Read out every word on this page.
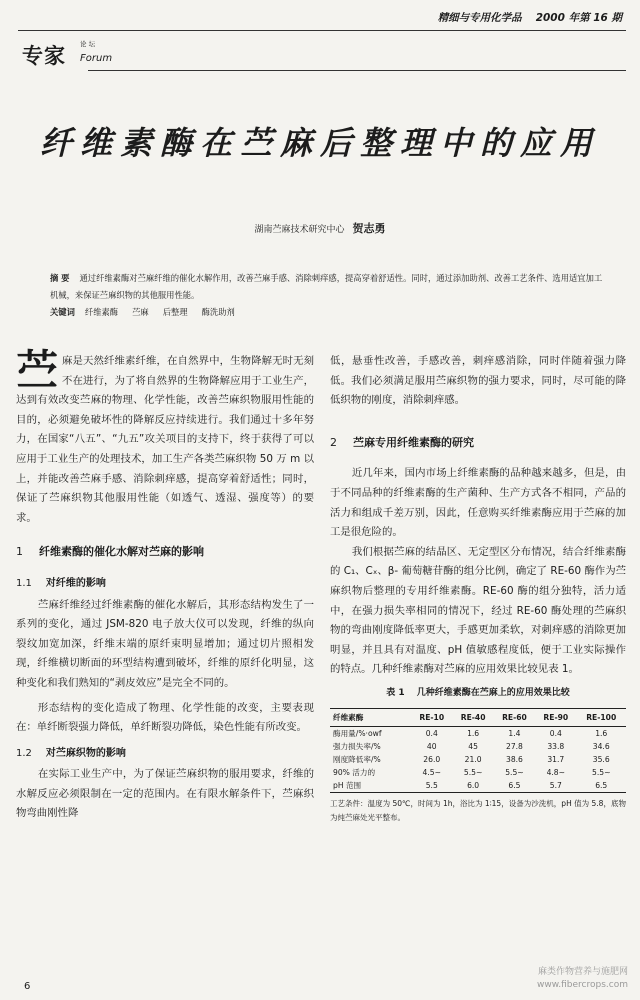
精细与专用化学品 2000 年第 16 期
专家 论 坛
Forum
纤维素酶在苎麻后整理中的应用
湖南苎麻技术研究中心 贺志勇

摘 要 通过纤维素酶对苎麻纤维的催化水解作用，改善苎麻手感、消除刺痒感，提高穿着舒适性。同时，通过添加助剂、改善工艺条件、选用适宜加工机械，来保证苎麻织物的其他服用性能。

关键词 纤维素酶 苎麻 后整理 酶洗助剂

苎麻是天然纤维素纤维，在自然界中，生物降解无时无刻不在进行，为了将自然界的生物降解应用于工业生产，达到有效改变苎麻的物理、化学性能，改善苎麻织物服用性能的目的，必须避免破坏性的降解反应持续进行。我们通过十多年努力，在国家“八五”、“九五”攻关项目的支持下，终于获得了可以应用于工业生产的处理技术，加工生产各类苎麻织物 50 万 m 以上，并能改善苎麻手感、消除刺痒感，提高穿着舒适性；同时，保证了苎麻织物其他服用性能（如透气、透湿、强度等）的要求。

1 纤维素酶的催化水解对苎麻的影响

1.1 对纤维的影响

苎麻纤维经过纤维素酶的催化水解后，其形态结构发生了一系列的变化，通过 JSM-820 电子放大仪可以发现，纤维的纵向裂纹加宽加深，纤维末端的原纤束明显增加；通过切片照相发现，纤维横切断面的环型结构遭到破坏，纤维的原纤化明显，这种变化和我们熟知的“剥皮效应”是完全不同的。

形态结构的变化造成了物理、化学性能的改变，主要表现在：单纤断裂强力降低，单纤断裂功降低，染色性能有所改变。

1.2 对苎麻织物的影响

在实际工业生产中，为了保证苎麻织物的服用要求，纤维的水解反应必须限制在一定的范围内。在有限水解条件下，苎麻织物弯曲刚性降

低，悬垂性改善，手感改善，刺痒感消除，同时伴随着强力降低。我们必须满足服用苎麻织物的强力要求，同时，尽可能的降低织物的刚度，消除刺痒感。

2 苎麻专用纤维素酶的研究

近几年来，国内市场上纤维素酶的品种越来越多，但是，由于不同品种的纤维素酶的生产菌种、生产方式各不相同，产品的活力和组成千差万别，因此，任意购买纤维素酶应用于苎麻的加工是很危险的。

我们根据苎麻的结晶区、无定型区分布情况，结合纤维素酶的 C₁、Cₓ、β- 葡萄糖苷酶的组分比例，确定了 RE-60 酶作为苎麻织物后整理的专用纤维素酶。RE-60 酶的组分独特，活力适中，在强力损失率相同的情况下，经过 RE-60 酶处理的苎麻织物的弯曲刚度降低率更大，手感更加柔软，对刺痒感的消除更加明显，并且具有对温度、pH 值敏感程度低，便于工业实际操作的特点。几种纤维素酶对苎麻的应用效果比较见表 1。

表 1 几种纤维素酶在苎麻上的应用效果比较

纤维素酶	RE-10	RE-40	RE-60	RE-90	RE-100
酶用量/%·owf	0.4	1.6	1.4	0.4	1.6
强力损失率/%	40	45	27.8	33.8	34.6
刚度降低率/%	26.0	21.0	38.6	31.7	35.6
90% 活力的	4.5~	5.5~	5.5~	4.8~	5.5~
pH 范围	5.5	6.0	6.5	5.7	6.5

工艺条件：温度为 50℃，时间为 1h，浴比为 1∶15，设备为沙洗机，pH 值为 5.8，底物为纯苎麻处光平整布。

6
麻类作物营养与施肥网
www.fibercrops.com
